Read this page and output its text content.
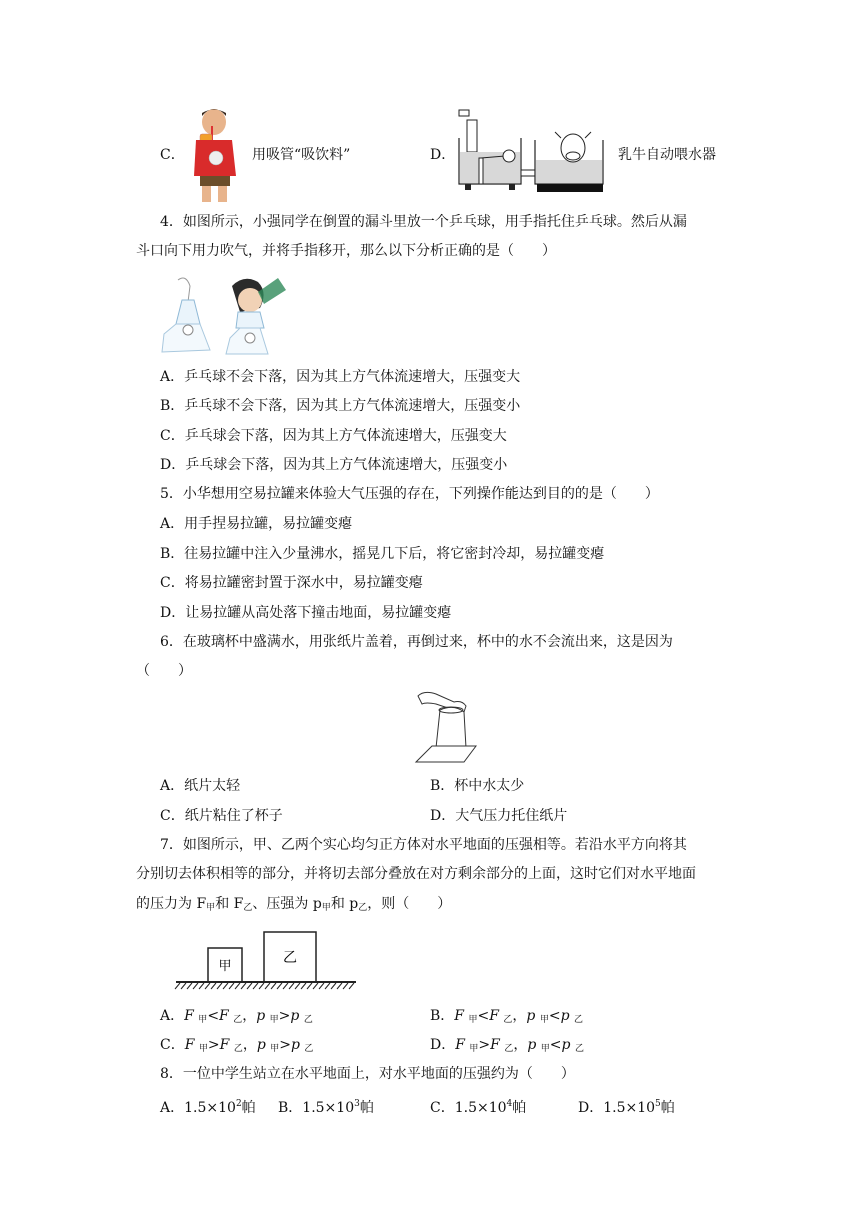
C．	用吸管“吸饮料”	D．	乳牛自动喂水器
4．如图所示，小强同学在倒置的漏斗里放一个乒乓球，用手指托住乒乓球。然后从漏
斗口向下用力吹气，并将手指移开，那么以下分析正确的是（　　）
A．乒乓球不会下落，因为其上方气体流速增大，压强变大
B．乒乓球不会下落，因为其上方气体流速增大，压强变小
C．乒乓球会下落，因为其上方气体流速增大，压强变大
D．乒乓球会下落，因为其上方气体流速增大，压强变小
5．小华想用空易拉罐来体验大气压强的存在，下列操作能达到目的的是（　　）
A．用手捏易拉罐，易拉罐变瘪
B．往易拉罐中注入少量沸水，摇晃几下后，将它密封冷却，易拉罐变瘪
C．将易拉罐密封置于深水中，易拉罐变瘪
D．让易拉罐从高处落下撞击地面，易拉罐变瘪
6．在玻璃杯中盛满水，用张纸片盖着，再倒过来，杯中的水不会流出来，这是因为
（　　）
A．纸片太轻	B．杯中水太少
C．纸片粘住了杯子	D．大气压力托住纸片
7．如图所示，甲、乙两个实心均匀正方体对水平地面的压强相等。若沿水平方向将其
分别切去体积相等的部分，并将切去部分叠放在对方剩余部分的上面，这时它们对水平地面
的压力为 $F_甲$和 $F_乙$、压强为 $p_甲$和 $p_乙$，则（　　）
甲
乙
A．F $_甲$<F $_乙$，p $_甲$>p $_乙$	B．F $_甲$<F $_乙$，p $_甲$<p $_乙$
C．F $_甲$>F $_乙$，p $_甲$>p $_乙$	D．F $_甲$>F $_乙$，p $_甲$<p $_乙$
8．一位中学生站立在水平地面上，对水平地面的压强约为（　　）
A．$1.5\times 10^2$帕 B．$1.5\times 10^3$帕	C．$1.5\times 10^4$帕	D．$1.5\times 10^5$帕
